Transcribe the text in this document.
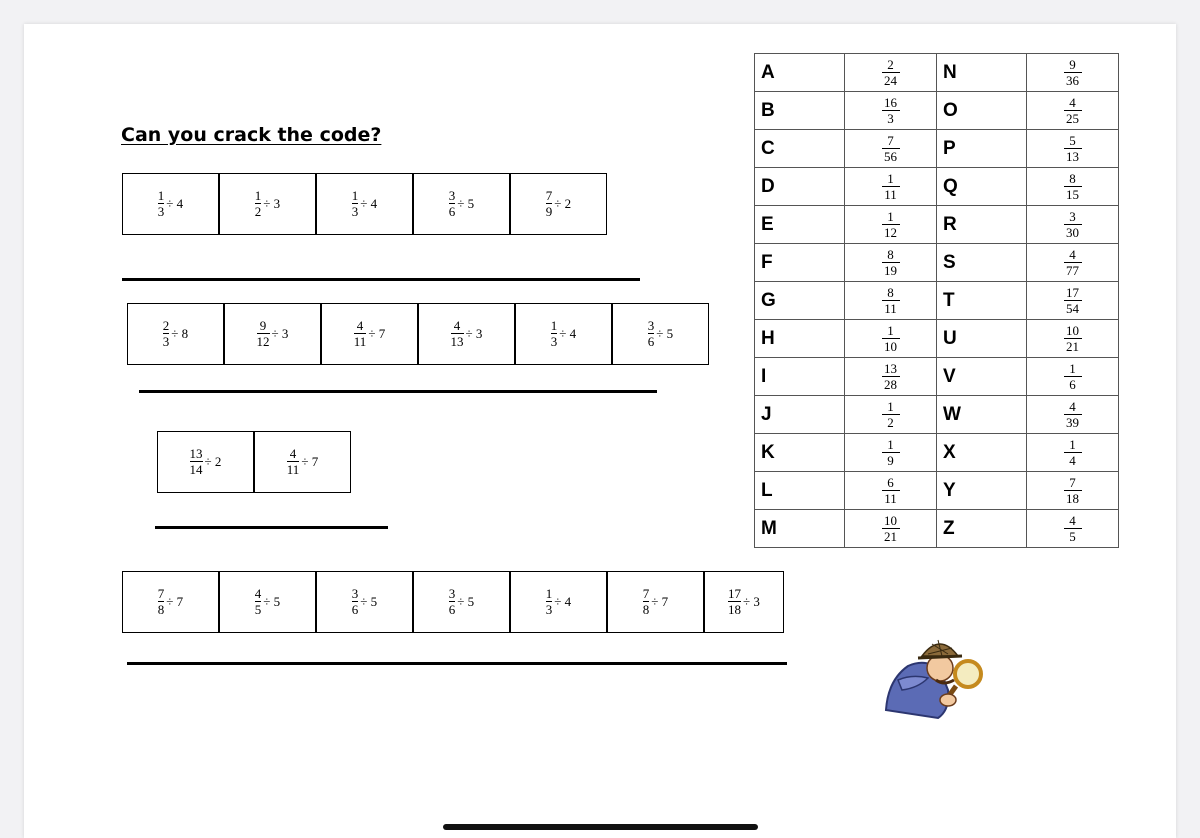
Can you crack the code?
$\frac{1}{3} \div 4$	$\frac{1}{2} \div 3$	$\frac{1}{3} \div 4$	$\frac{3}{6} \div 5$	$\frac{7}{9} \div 2$
$\frac{2}{3} \div 8$	$\frac{9}{12} \div 3$	$\frac{4}{11} \div 7$	$\frac{4}{13} \div 3$	$\frac{1}{3} \div 4$	$\frac{3}{6} \div 5$
$\frac{13}{14} \div 2$	$\frac{4}{11} \div 7$
$\frac{7}{8} \div 7$	$\frac{4}{5} \div 5$	$\frac{3}{6} \div 5$	$\frac{3}{6} \div 5$	$\frac{1}{3} \div 4$	$\frac{7}{8} \div 7$	$\frac{17}{18} \div 3$
A	$\frac{2}{24}$	N	$\frac{9}{36}$

B	$\frac{16}{3}$	O	$\frac{4}{25}$

C	$\frac{7}{56}$	P	$\frac{5}{13}$

D	$\frac{1}{11}$	Q	$\frac{8}{15}$

E	$\frac{1}{12}$	R	$\frac{3}{30}$

F	$\frac{8}{19}$	S	$\frac{4}{77}$

G	$\frac{8}{11}$	T	$\frac{17}{54}$

H	$\frac{1}{10}$	U	$\frac{10}{21}$

I	$\frac{13}{28}$	V	$\frac{1}{6}$

J	$\frac{1}{2}$	W	$\frac{4}{39}$

K	$\frac{1}{9}$	X	$\frac{1}{4}$

L	$\frac{6}{11}$	Y	$\frac{7}{18}$

M	$\frac{10}{21}$	Z	$\frac{4}{5}$
